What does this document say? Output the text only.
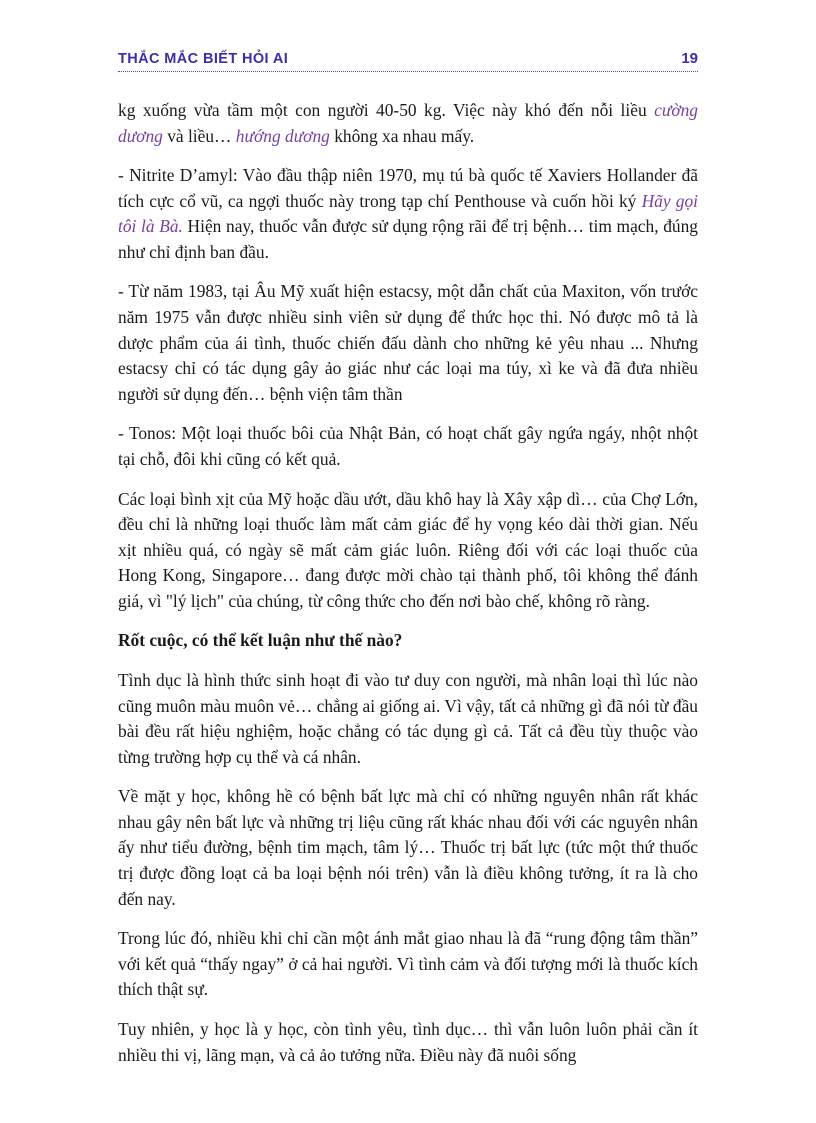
THẮC MẮC BIẾT HỎI AI	19

kg xuống vừa tầm một con người 40-50 kg. Việc này khó đến nỗi liều cường dương và liều… hướng dương không xa nhau mấy.

- Nitrite D’amyl: Vào đầu thập niên 1970, mụ tú bà quốc tế Xaviers Hollander đã tích cực cổ vũ, ca ngợi thuốc này trong tạp chí Penthouse và cuốn hồi ký Hãy gọi tôi là Bà. Hiện nay, thuốc vẫn được sử dụng rộng rãi để trị bệnh… tim mạch, đúng như chỉ định ban đầu.

- Từ năm 1983, tại Âu Mỹ xuất hiện estacsy, một dẫn chất của Maxiton, vốn trước năm 1975 vẫn được nhiều sinh viên sử dụng để thức học thi. Nó được mô tả là dược phẩm của ái tình, thuốc chiến đấu dành cho những kẻ yêu nhau ... Nhưng estacsy chỉ có tác dụng gây ảo giác như các loại ma túy, xì ke và đã đưa nhiều người sử dụng đến… bệnh viện tâm thần

- Tonos: Một loại thuốc bôi của Nhật Bản, có hoạt chất gây ngứa ngáy, nhột nhột tại chỗ, đôi khi cũng có kết quả.

Các loại bình xịt của Mỹ hoặc dầu ướt, dầu khô hay là Xây xập dì… của Chợ Lớn, đều chỉ là những loại thuốc làm mất cảm giác để hy vọng kéo dài thời gian. Nếu xịt nhiều quá, có ngày sẽ mất cảm giác luôn. Riêng đối với các loại thuốc của Hong Kong, Singapore… đang được mời chào tại thành phố, tôi không thể đánh giá, vì "lý lịch" của chúng, từ công thức cho đến nơi bào chế, không rõ ràng.

Rốt cuộc, có thể kết luận như thế nào?

Tình dục là hình thức sinh hoạt đi vào tư duy con người, mà nhân loại thì lúc nào cũng muôn màu muôn vẻ… chẳng ai giống ai. Vì vậy, tất cả những gì đã nói từ đầu bài đều rất hiệu nghiệm, hoặc chẳng có tác dụng gì cả. Tất cả đều tùy thuộc vào từng trường hợp cụ thể và cá nhân.

Về mặt y học, không hề có bệnh bất lực mà chỉ có những nguyên nhân rất khác nhau gây nên bất lực và những trị liệu cũng rất khác nhau đối với các nguyên nhân ấy như tiểu đường, bệnh tim mạch, tâm lý… Thuốc trị bất lực (tức một thứ thuốc trị được đồng loạt cả ba loại bệnh nói trên) vẫn là điều không tưởng, ít ra là cho đến nay.

Trong lúc đó, nhiều khi chỉ cần một ánh mắt giao nhau là đã “rung động tâm thần” với kết quả “thấy ngay” ở cả hai người. Vì tình cảm và đối tượng mới là thuốc kích thích thật sự.

Tuy nhiên, y học là y học, còn tình yêu, tình dục… thì vẫn luôn luôn phải cần ít nhiều thi vị, lãng mạn, và cả ảo tưởng nữa. Điều này đã nuôi sống
